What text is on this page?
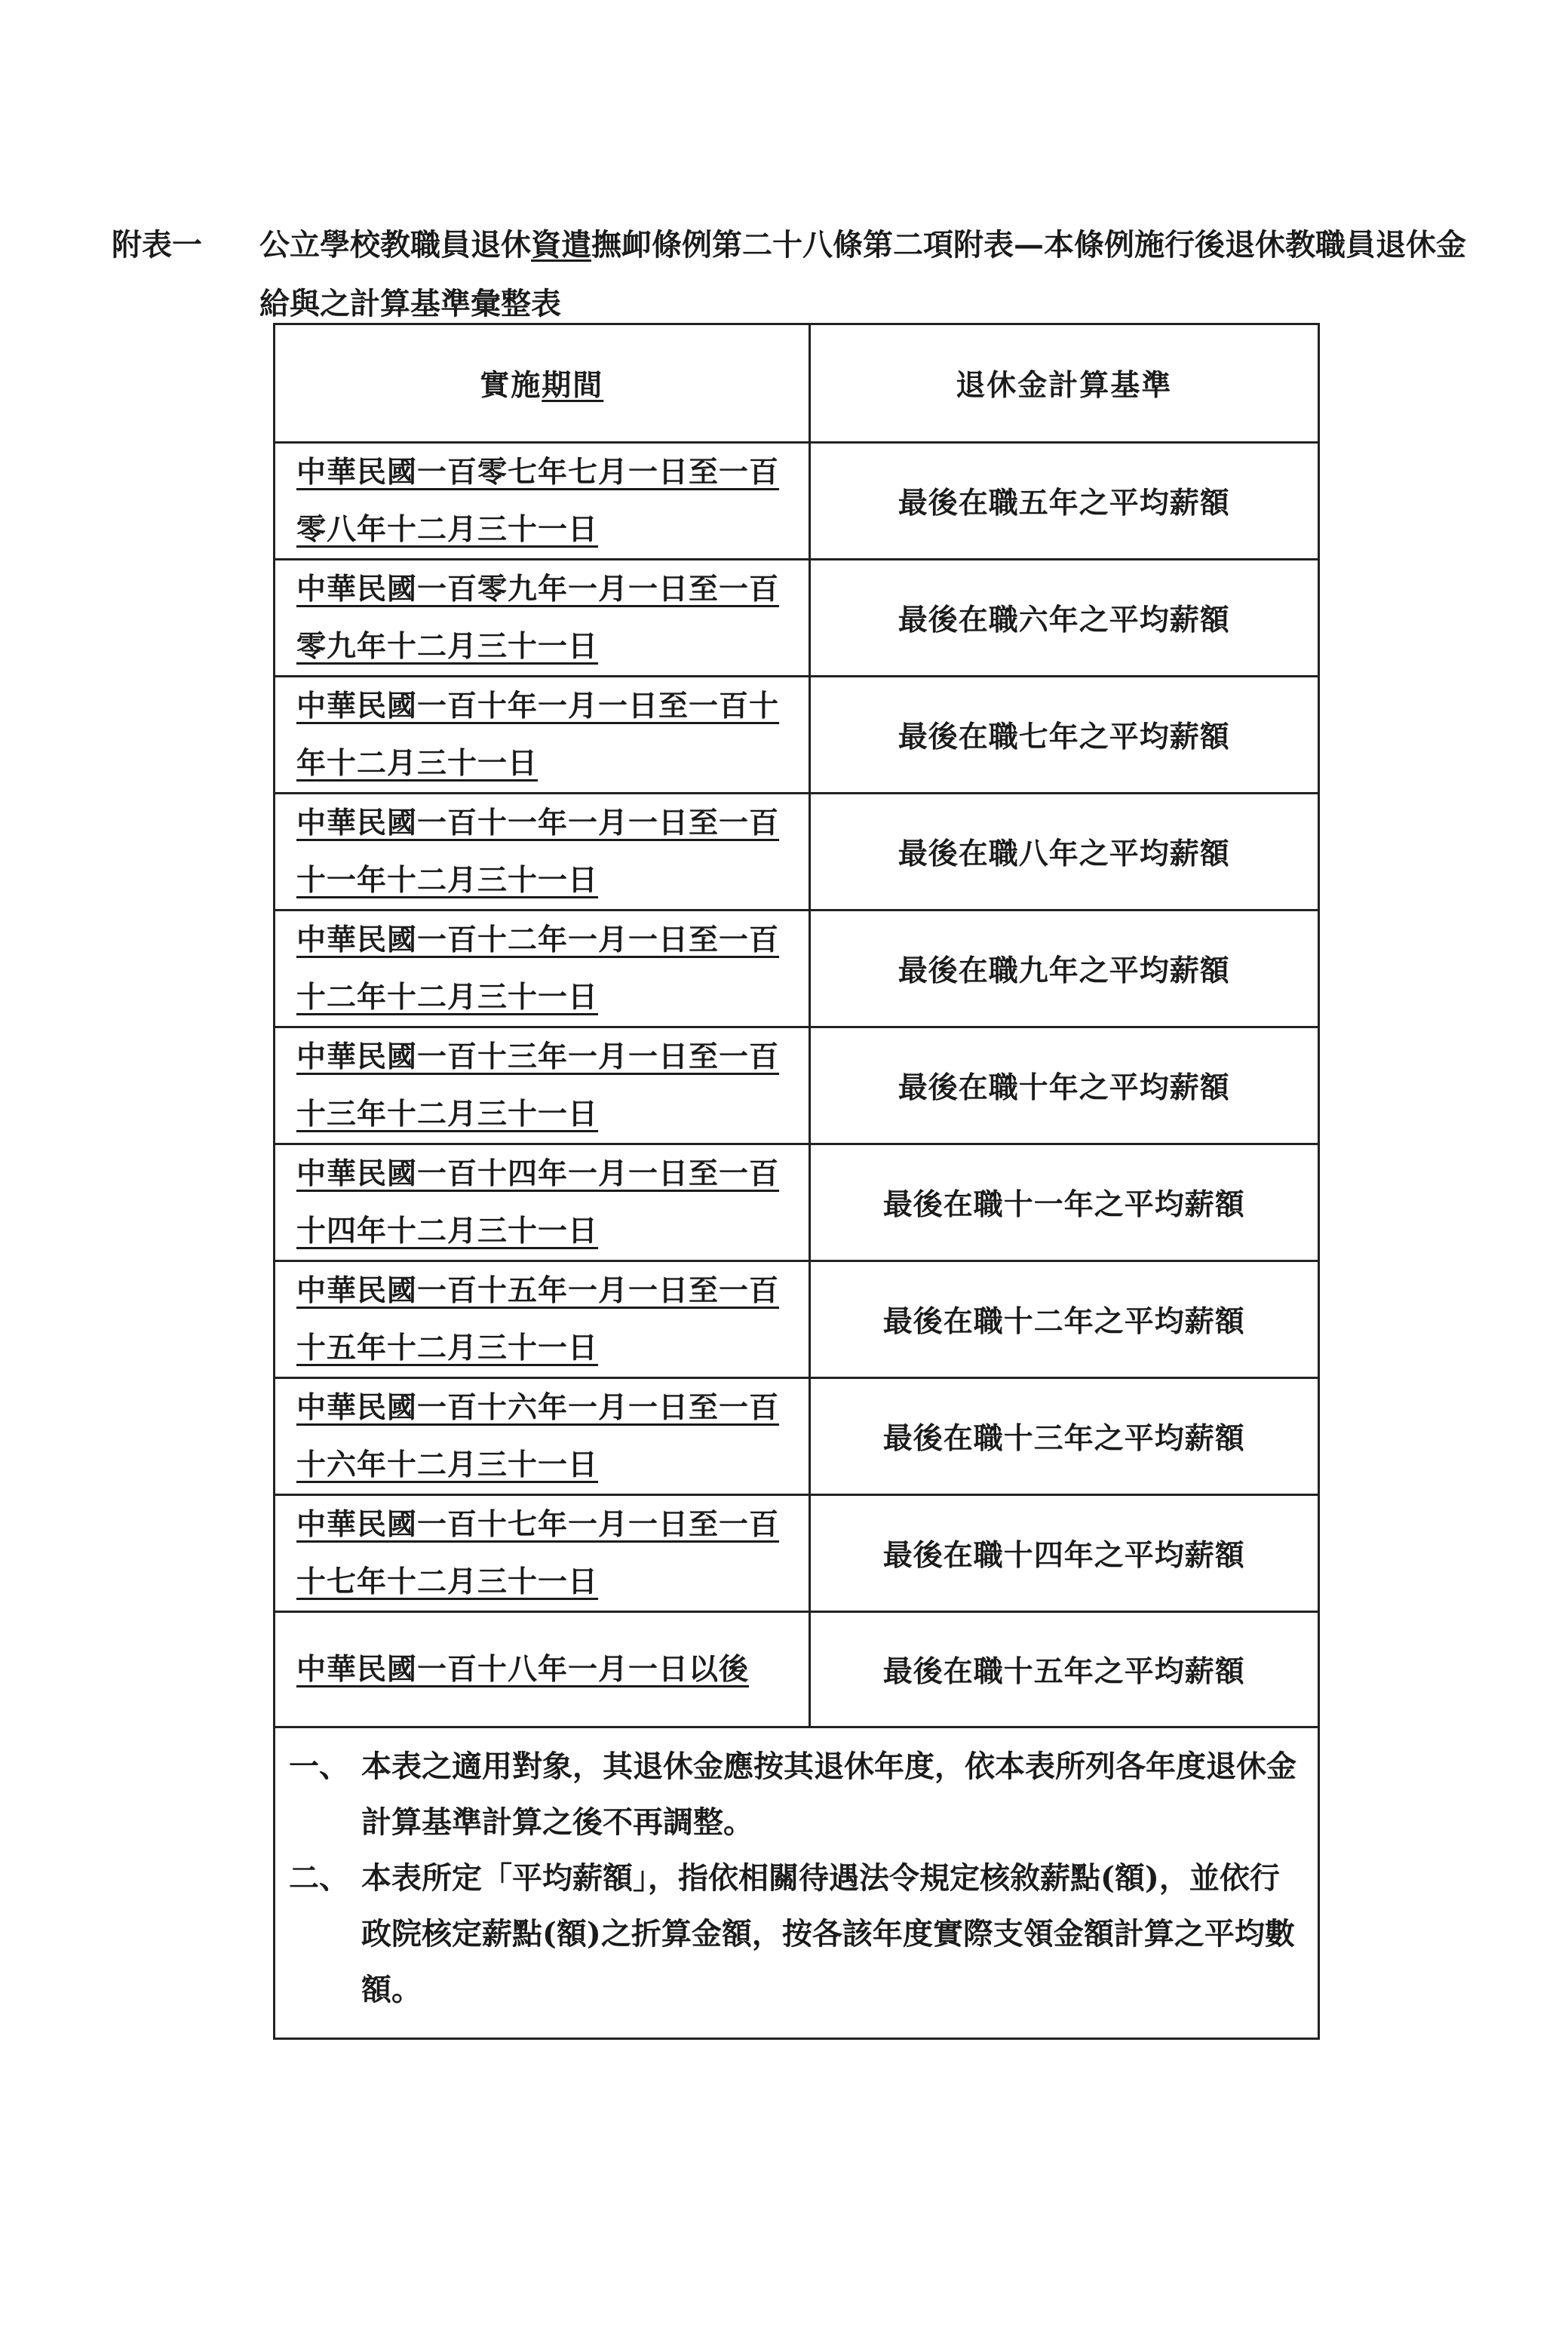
附表一 公立學校教職員退休資遣撫卹條例第二十八條第二項附表—本條例施行後退休教職員退休金給與之計算基準彙整表
實施期間	退休金計算基準
中華民國一百零七年七月一日至一百零八年十二月三十一日	最後在職五年之平均薪額
中華民國一百零九年一月一日至一百零九年十二月三十一日	最後在職六年之平均薪額
中華民國一百十年一月一日至一百十年十二月三十一日	最後在職七年之平均薪額
中華民國一百十一年一月一日至一百十一年十二月三十一日	最後在職八年之平均薪額
中華民國一百十二年一月一日至一百十二年十二月三十一日	最後在職九年之平均薪額
中華民國一百十三年一月一日至一百十三年十二月三十一日	最後在職十年之平均薪額
中華民國一百十四年一月一日至一百十四年十二月三十一日	最後在職十一年之平均薪額
中華民國一百十五年一月一日至一百十五年十二月三十一日	最後在職十二年之平均薪額
中華民國一百十六年一月一日至一百十六年十二月三十一日	最後在職十三年之平均薪額
中華民國一百十七年一月一日至一百十七年十二月三十一日	最後在職十四年之平均薪額
中華民國一百十八年一月一日以後	最後在職十五年之平均薪額
一、 本表之適用對象，其退休金應按其退休年度，依本表所列各年度退休金計算基準計算之後不再調整。
二、 本表所定「平均薪額」，指依相關待遇法令規定核敘薪點(額)，並依行政院核定薪點(額)之折算金額，按各該年度實際支領金額計算之平均數額。
